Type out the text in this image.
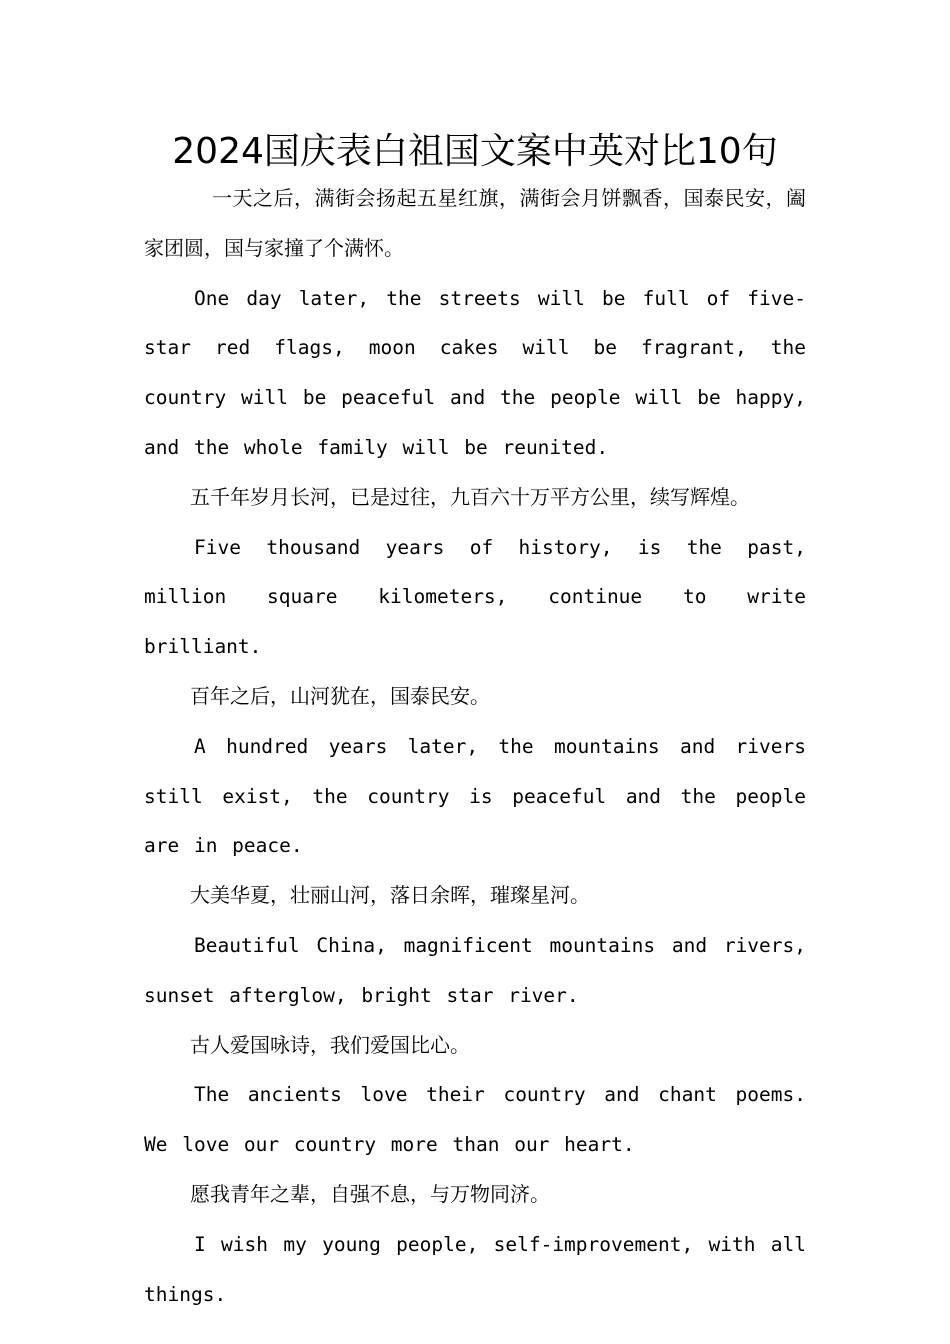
2024国庆表白祖国文案中英对比10句

一天之后，满街会扬起五星红旗，满街会月饼飘香，国泰民安，阖家团圆，国与家撞了个满怀。

One day later, the streets will be full of five-star red flags, moon cakes will be fragrant, the country will be peaceful and the people will be happy, and the whole family will be reunited.

五千年岁月长河，已是过往，九百六十万平方公里，续写辉煌。

Five thousand years of history, is the past, million square kilometers, continue to write brilliant.

百年之后，山河犹在，国泰民安。

A hundred years later, the mountains and rivers still exist, the country is peaceful and the people are in peace.

大美华夏，壮丽山河，落日余晖，璀璨星河。

Beautiful China, magnificent mountains and rivers, sunset afterglow, bright star river.

古人爱国咏诗，我们爱国比心。

The ancients love their country and chant poems. We love our country more than our heart.

愿我青年之辈，自强不息，与万物同济。

I wish my young people, self-improvement, with all things.
